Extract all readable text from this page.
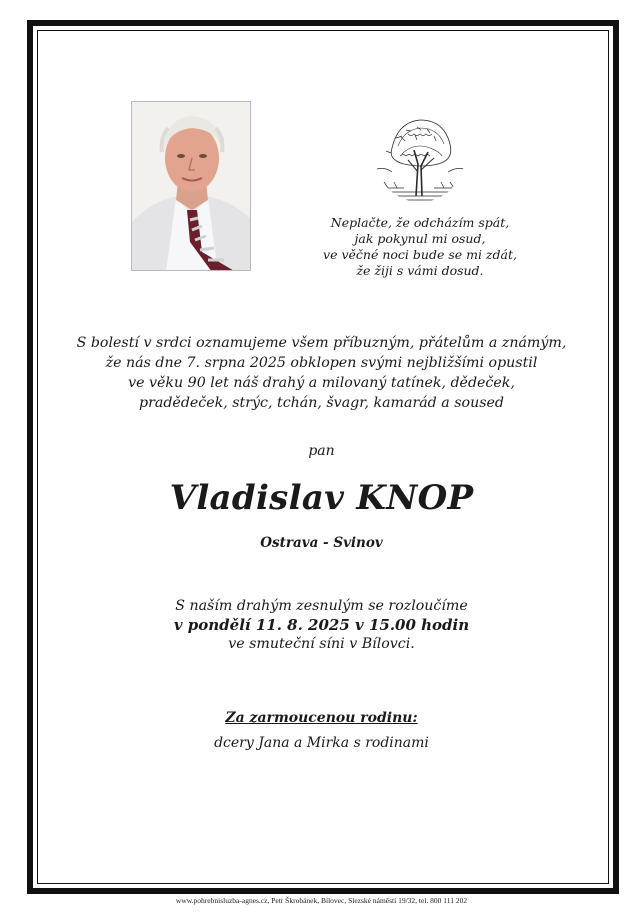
Neplačte, že odcházím spát,
jak pokynul mi osud,
ve věčné noci bude se mi zdát,
že žiji s vámi dosud.
S bolestí v srdci oznamujeme všem příbuzným, přátelům a známým,
že nás dne 7. srpna 2025 obklopen svými nejbližšími opustil
ve věku 90 let náš drahý a milovaný tatínek, dědeček,
pradědeček, strýc, tchán, švagr, kamarád a soused
pan
Vladislav KNOP
Ostrava - Svinov
S naším drahým zesnulým se rozloučíme
v pondělí 11. 8. 2025 v 15.00 hodin
ve smuteční síni v Bílovci.
Za zarmoucenou rodinu:
dcery Jana a Mirka s rodinami
www.pohrebnisluzba-agnes.cz, Petr Škrobánek, Bílovec, Slezské náměstí 19/32, tel. 800 111 202
